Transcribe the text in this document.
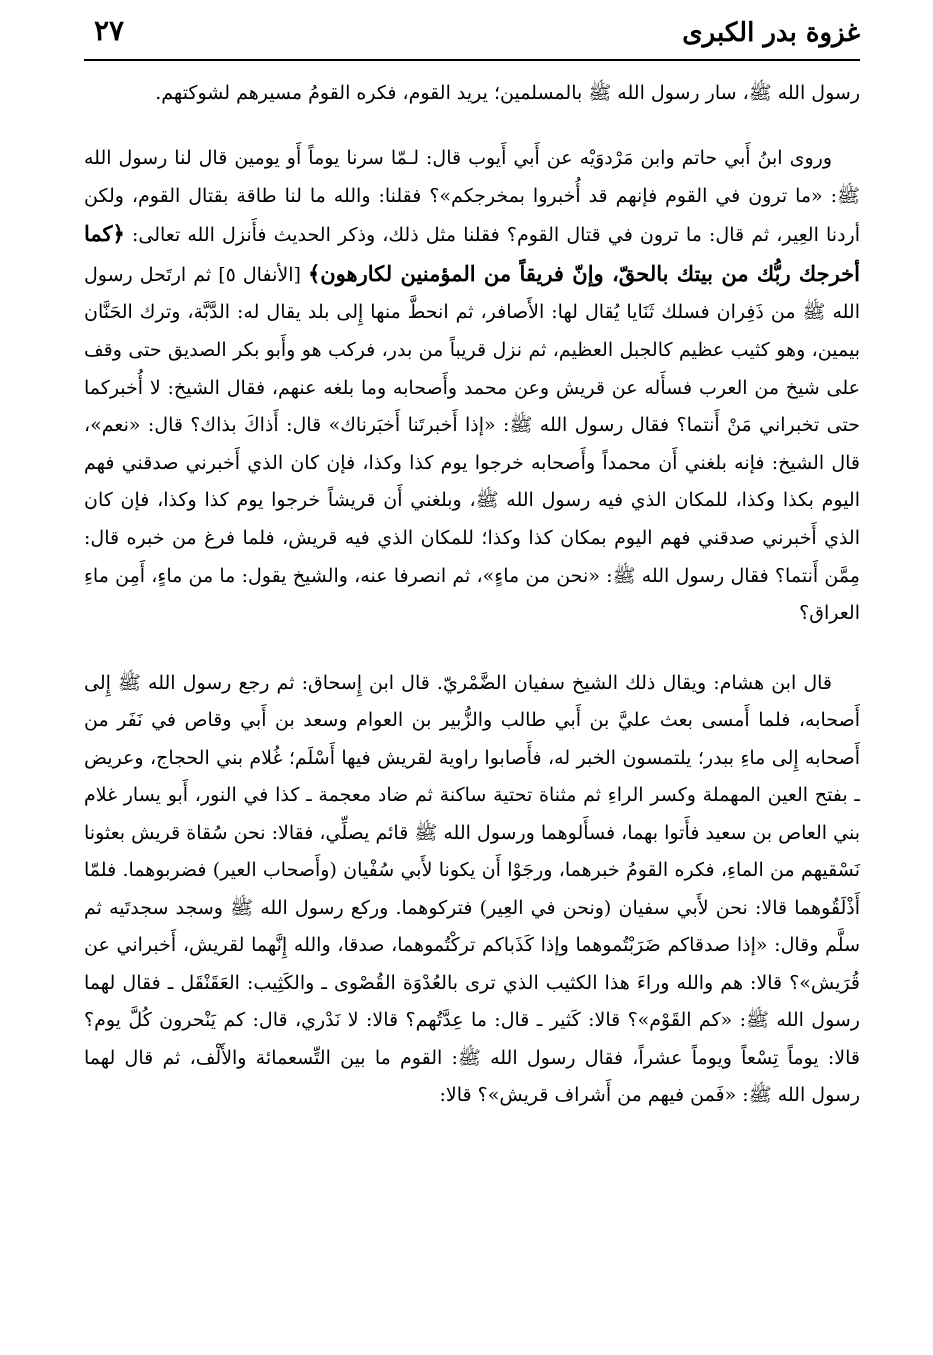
غزوة بدر الكبرى
٢٧

رسول الله ﷺ، سار رسول الله ﷺ بالمسلمين؛ يريد القوم، فكره القومُ مسيرهم لشوكتهم.

وروى ابنُ أَبي حاتم وابن مَرْدوَيْه عن أَبي أَيوب قال: لـمّا سرنا يوماً أَو يومين قال لنا رسول الله ﷺ: «ما ترون في القوم فإنهم قد أُخبروا بمخرجكم»؟ فقلنا: والله ما لنا طاقة بقتال القوم، ولكن أردنا العِير، ثم قال: ما ترون في قتال القوم؟ فقلنا مثل ذلك، وذكر الحديث فأَنزل الله تعالى: ﴿كما أخرجك ربُّك من بيتك بالحقّ، وإنّ فريقاً من المؤمنين لكارهون﴾ [الأنفال ٥] ثم ارتَحل رسول الله ﷺ من ذَفِران فسلك ثَنَايا يُقال لها: الأَصافر، ثم انحطَّ منها إِلى بلد يقال له: الدَّبَّة، وترك الحَنَّان بيمين، وهو كثيب عظيم كالجبل العظيم، ثم نزل قريباً من بدر، فركب هو وأَبو بكر الصديق حتى وقف على شيخ من العرب فسأَله عن قريش وعن محمد وأَصحابه وما بلغه عنهم، فقال الشيخ: لا أُخبركما حتى تخبراني مَنْ أَنتما؟ فقال رسول الله ﷺ: «إذا أَخبرتَنا أَخبَرناك» قال: أَذاكَ بذاك؟ قال: «نعم»، قال الشيخ: فإنه بلغني أَن محمداً وأَصحابه خرجوا يوم كذا وكذا، فإن كان الذي أَخبرني صدقني فهم اليوم بكذا وكذا، للمكان الذي فيه رسول الله ﷺ، وبلغني أَن قريشاً خرجوا يوم كذا وكذا، فإن كان الذي أَخبرني صدقني فهم اليوم بمكان كذا وكذا؛ للمكان الذي فيه قريش، فلما فرغ من خبره قال: مِمَّن أَنتما؟ فقال رسول الله ﷺ: «نحن من ماءٍ»، ثم انصرفا عنه، والشيخ يقول: ما من ماءٍ، أَمِن ماءِ العراق؟

قال ابن هشام: ويقال ذلك الشيخ سفيان الضَّمْريّ. قال ابن إِسحاق: ثم رجع رسول الله ﷺ إِلى أَصحابه، فلما أَمسى بعث عليَّ بن أَبي طالب والزُّبير بن العوام وسعد بن أَبي وقاص في نَفَر من أَصحابه إِلى ماءِ ببدر؛ يلتمسون الخبر له، فأَصابوا راوية لقريش فيها أَسْلَم؛ غُلام بني الحجاج، وعريض ـ بفتح العين المهملة وكسر الراءِ ثم مثناة تحتية ساكنة ثم ضاد معجمة ـ كذا في النور، أَبو يسار غلام بني العاص بن سعيد فأَتوا بهما، فسأَلوهما ورسول الله ﷺ قائم يصلِّي، فقالا: نحن سُقاة قريش بعثونا نَسْقيهم من الماءِ، فكره القومُ خبرهما، ورجَوْا أَن يكونا لأَبي سُفْيان (وأَصحاب العير) فضربوهما. فلمّا أَذْلَقُوهما قالا: نحن لأَبي سفيان (ونحن في العِير) فتركوهما. وركع رسول الله ﷺ وسجد سجدتَيه ثم سلَّم وقال: «إذا صدقاكم ضَرَبْتُموهما وإذا كَذَباكم تركْتُموهما، صدقا، والله إِنَّهما لقريش، أَخبراني عن قُرَيش»؟ قالا: هم والله وراءَ هذا الكثيب الذي ترى بالعُدْوَة القُصْوى ـ والكَثِيب: العَقَنْقَل ـ فقال لهما رسول الله ﷺ: «كم القَوْم»؟ قالا: كَثير ـ قال: ما عِدَّتُهم؟ قالا: لا نَدْري، قال: كم يَنْحرون كُلَّ يوم؟ قالا: يوماً تِسْعاً ويوماً عشراً، فقال رسول الله ﷺ: القوم ما بين التِّسعمائة والأَلْف، ثم قال لهما رسول الله ﷺ: «فَمن فيهم من أَشراف قريش»؟ قالا:
